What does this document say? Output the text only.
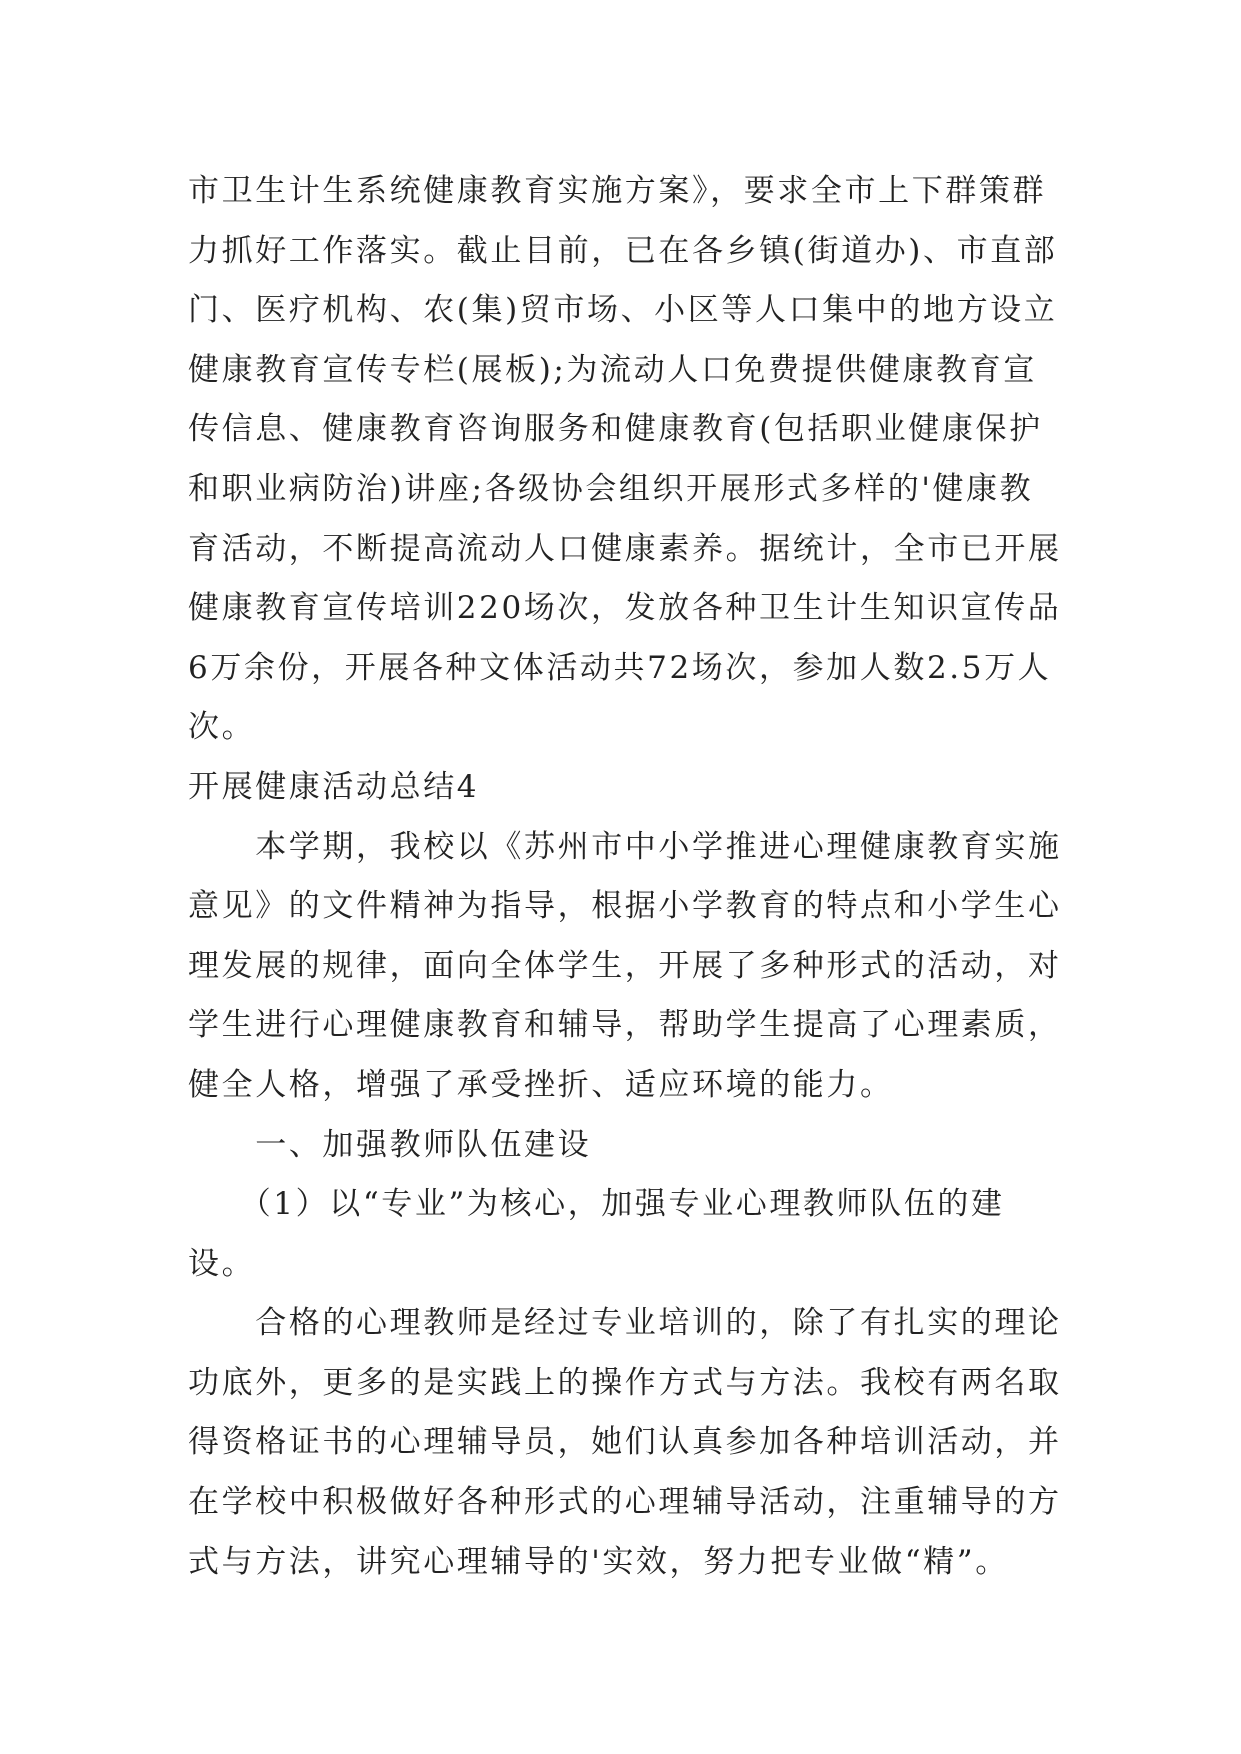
市卫生计生系统健康教育实施方案》，要求全市上下群策群
力抓好工作落实。截止目前，已在各乡镇(街道办)、市直部
门、医疗机构、农(集)贸市场、小区等人口集中的地方设立
健康教育宣传专栏(展板);为流动人口免费提供健康教育宣
传信息、健康教育咨询服务和健康教育(包括职业健康保护
和职业病防治)讲座;各级协会组织开展形式多样的'健康教
育活动，不断提高流动人口健康素养。据统计，全市已开展
健康教育宣传培训220场次，发放各种卫生计生知识宣传品
6万余份，开展各种文体活动共72场次，参加人数2.5万人
次。
开展健康活动总结4
　　本学期，我校以《苏州市中小学推进心理健康教育实施
意见》的文件精神为指导，根据小学教育的特点和小学生心
理发展的规律，面向全体学生，开展了多种形式的活动，对
学生进行心理健康教育和辅导，帮助学生提高了心理素质，
健全人格，增强了承受挫折、适应环境的能力。
　　一、加强教师队伍建设
　　（1）以“专业”为核心，加强专业心理教师队伍的建
设。
　　合格的心理教师是经过专业培训的，除了有扎实的理论
功底外，更多的是实践上的操作方式与方法。我校有两名取
得资格证书的心理辅导员，她们认真参加各种培训活动，并
在学校中积极做好各种形式的心理辅导活动，注重辅导的方
式与方法，讲究心理辅导的'实效，努力把专业做“精”。
